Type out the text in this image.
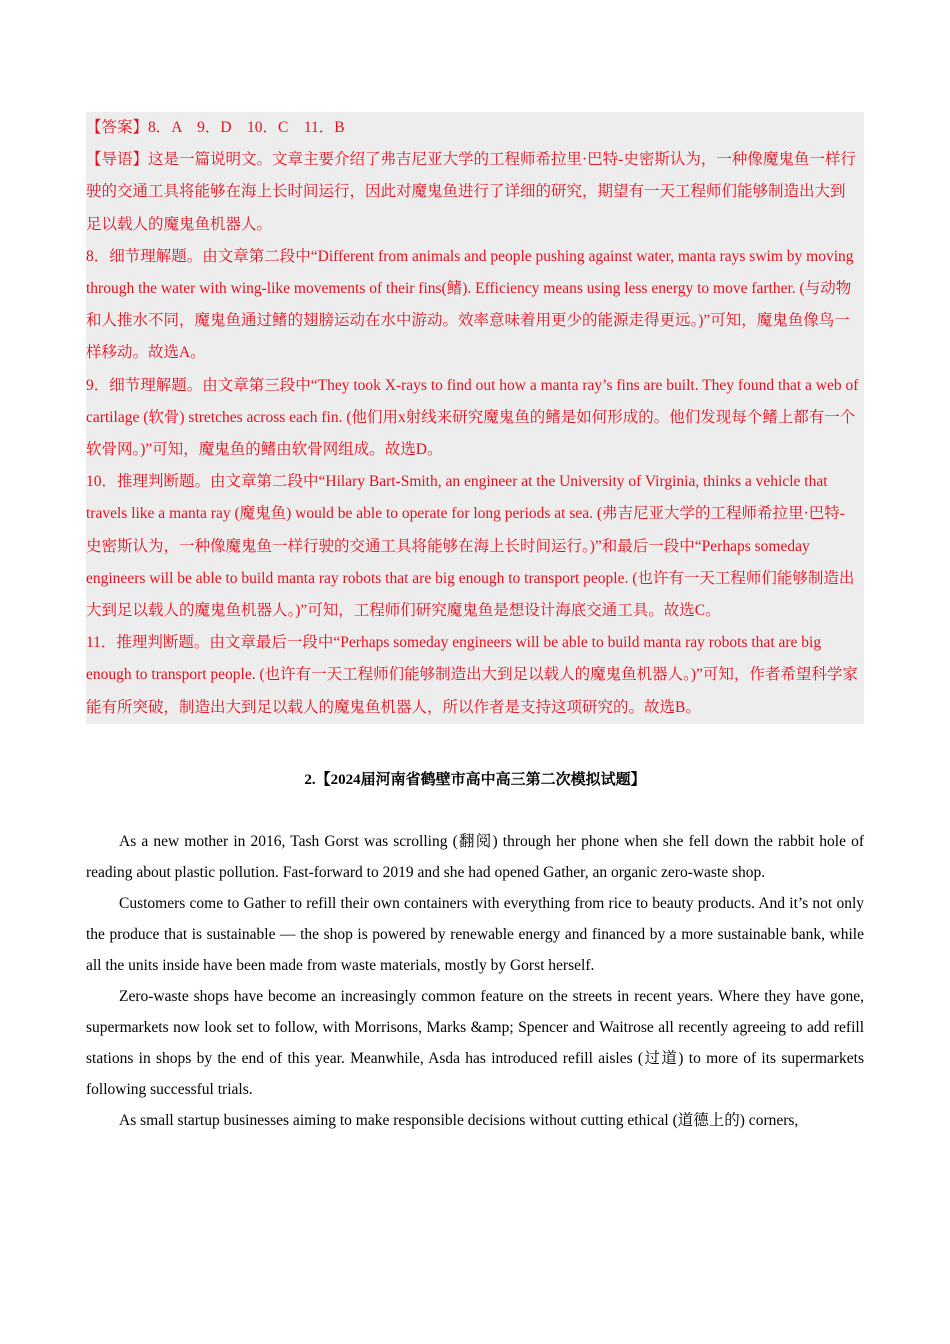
【答案】8．A　9．D　10．C　11．B

【导语】这是一篇说明文。文章主要介绍了弗吉尼亚大学的工程师希拉里·巴特-史密斯认为，一种像魔鬼鱼一样行驶的交通工具将能够在海上长时间运行，因此对魔鬼鱼进行了详细的研究，期望有一天工程师们能够制造出大到足以载人的魔鬼鱼机器人。

8．细节理解题。由文章第二段中“Different from animals and people pushing against water, manta rays swim by moving through the water with wing-like movements of their fins(鳍). Efficiency means using less energy to move farther. (与动物和人推水不同，魔鬼鱼通过鳍的翅膀运动在水中游动。效率意味着用更少的能源走得更远。)”可知，魔鬼鱼像鸟一样移动。故选A。

9．细节理解题。由文章第三段中“They took X-rays to find out how a manta ray’s fins are built. They found that a web of cartilage (软骨) stretches across each fin. (他们用x射线来研究魔鬼鱼的鳍是如何形成的。他们发现每个鳍上都有一个软骨网。)”可知，魔鬼鱼的鳍由软骨网组成。故选D。

10．推理判断题。由文章第二段中“Hilary Bart-Smith, an engineer at the University of Virginia, thinks a vehicle that travels like a manta ray (魔鬼鱼) would be able to operate for long periods at sea. (弗吉尼亚大学的工程师希拉里·巴特-史密斯认为，一种像魔鬼鱼一样行驶的交通工具将能够在海上长时间运行。)”和最后一段中“Perhaps someday engineers will be able to build manta ray robots that are big enough to transport people. (也许有一天工程师们能够制造出大到足以载人的魔鬼鱼机器人。)”可知，工程师们研究魔鬼鱼是想设计海底交通工具。故选C。

11．推理判断题。由文章最后一段中“Perhaps someday engineers will be able to build manta ray robots that are big enough to transport people. (也许有一天工程师们能够制造出大到足以载人的魔鬼鱼机器人。)”可知，作者希望科学家能有所突破，制造出大到足以载人的魔鬼鱼机器人，所以作者是支持这项研究的。故选B。

2.【2024届河南省鹤壁市高中高三第二次模拟试题】

As a new mother in 2016, Tash Gorst was scrolling (翻阅) through her phone when she fell down the rabbit hole of reading about plastic pollution. Fast-forward to 2019 and she had opened Gather, an organic zero-waste shop.

Customers come to Gather to refill their own containers with everything from rice to beauty products. And it’s not only the produce that is sustainable — the shop is powered by renewable energy and financed by a more sustainable bank, while all the units inside have been made from waste materials, mostly by Gorst herself.

Zero-waste shops have become an increasingly common feature on the streets in recent years. Where they have gone, supermarkets now look set to follow, with Morrisons, Marks &amp; Spencer and Waitrose all recently agreeing to add refill stations in shops by the end of this year. Meanwhile, Asda has introduced refill aisles (过道) to more of its supermarkets following successful trials.

As small startup businesses aiming to make responsible decisions without cutting ethical (道德上的) corners,
